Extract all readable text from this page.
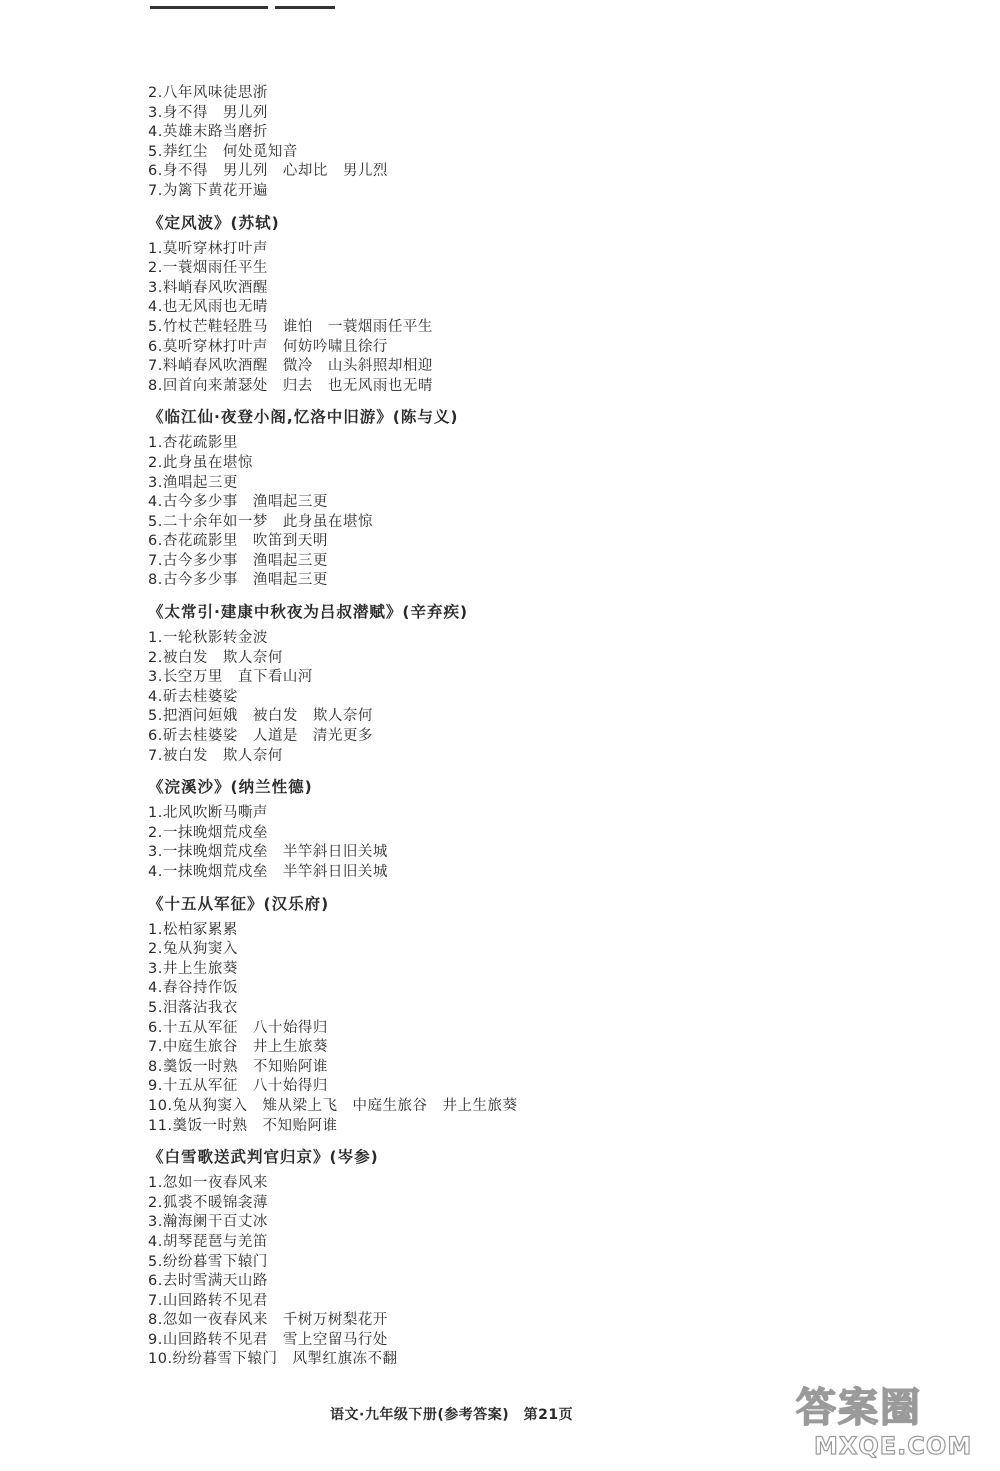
2.八年风味徒思浙
3.身不得　男儿列
4.英雄末路当磨折
5.莽红尘　何处觅知音
6.身不得　男儿列　心却比　男儿烈
7.为篱下黄花开遍
《定风波》(苏轼)
1.莫听穿林打叶声
2.一蓑烟雨任平生
3.料峭春风吹酒醒
4.也无风雨也无晴
5.竹杖芒鞋轻胜马　谁怕　一蓑烟雨任平生
6.莫听穿林打叶声　何妨吟啸且徐行
7.料峭春风吹酒醒　微冷　山头斜照却相迎
8.回首向来萧瑟处　归去　也无风雨也无晴
《临江仙·夜登小阁,忆洛中旧游》(陈与义)
1.杏花疏影里
2.此身虽在堪惊
3.渔唱起三更
4.古今多少事　渔唱起三更
5.二十余年如一梦　此身虽在堪惊
6.杏花疏影里　吹笛到天明
7.古今多少事　渔唱起三更
8.古今多少事　渔唱起三更
《太常引·建康中秋夜为吕叔潜赋》(辛弃疾)
1.一轮秋影转金波
2.被白发　欺人奈何
3.长空万里　直下看山河
4.斫去桂婆娑
5.把酒问姮娥　被白发　欺人奈何
6.斫去桂婆娑　人道是　清光更多
7.被白发　欺人奈何
《浣溪沙》(纳兰性德)
1.北风吹断马嘶声
2.一抹晚烟荒戍垒
3.一抹晚烟荒戍垒　半竿斜日旧关城
4.一抹晚烟荒戍垒　半竿斜日旧关城
《十五从军征》(汉乐府)
1.松柏冢累累
2.兔从狗窦入
3.井上生旅葵
4.舂谷持作饭
5.泪落沾我衣
6.十五从军征　八十始得归
7.中庭生旅谷　井上生旅葵
8.羹饭一时熟　不知贻阿谁
9.十五从军征　八十始得归
10.兔从狗窦入　雉从梁上飞　中庭生旅谷　井上生旅葵
11.羹饭一时熟　不知贻阿谁
《白雪歌送武判官归京》(岑参)
1.忽如一夜春风来
2.狐裘不暖锦衾薄
3.瀚海阑干百丈冰
4.胡琴琵琶与羌笛
5.纷纷暮雪下辕门
6.去时雪满天山路
7.山回路转不见君
8.忽如一夜春风来　千树万树梨花开
9.山回路转不见君　雪上空留马行处
10.纷纷暮雪下辕门　风掣红旗冻不翻
语文·九年级下册(参考答案)　第21页	答案圈
MXQE.COM
